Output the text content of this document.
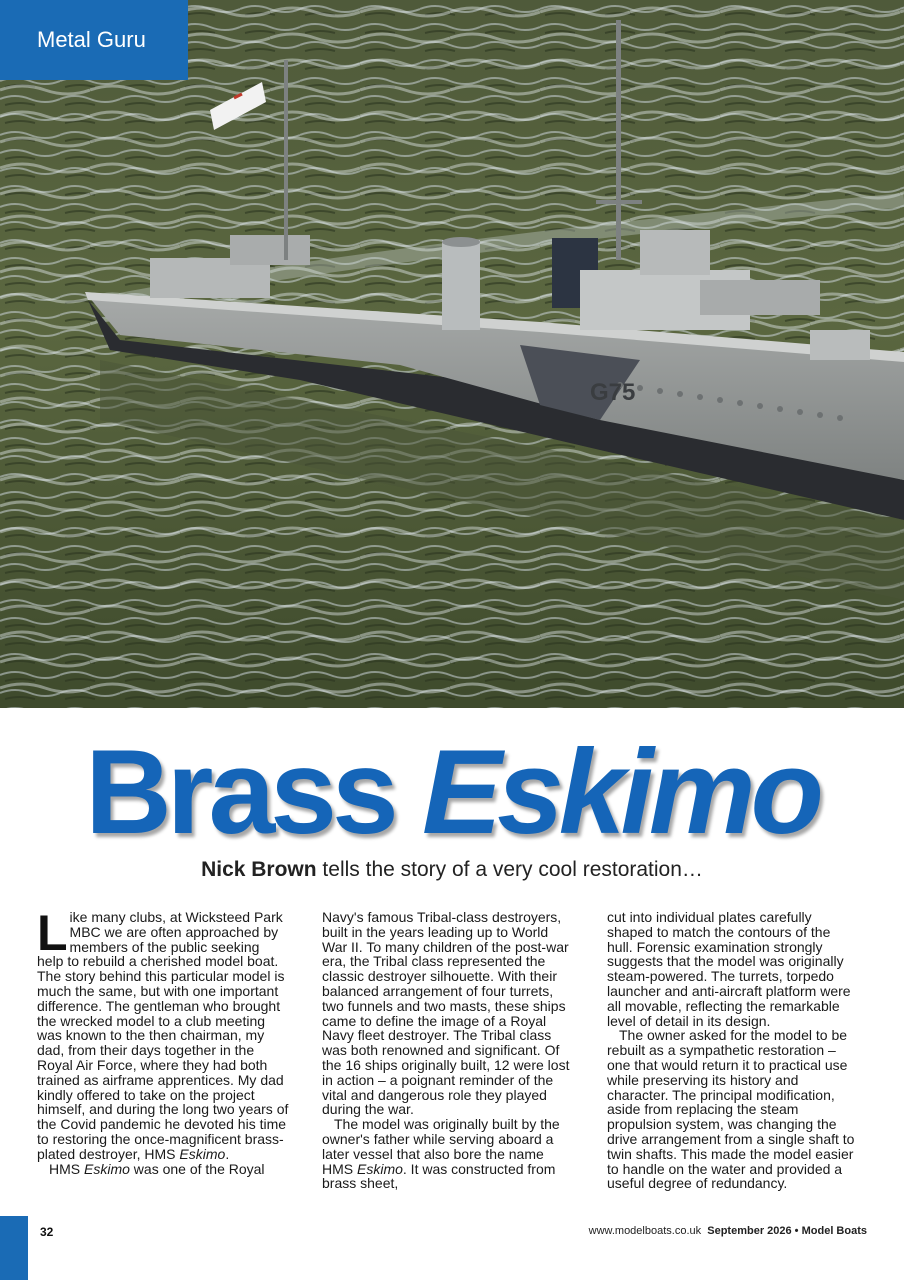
G75
Metal Guru
Brass Eskimo
Nick Brown tells the story of a very cool restoration…

Like many clubs, at Wicksteed Park MBC we are often approached by members of the public seeking help to rebuild a cherished model boat. The story behind this particular model is much the same, but with one important difference. The gentleman who brought the wrecked model to a club meeting was known to the then chairman, my dad, from their days together in the Royal Air Force, where they had both trained as airframe apprentices. My dad kindly offered to take on the project himself, and during the long two years of the Covid pandemic he devoted his time to restoring the once-magnificent brass-plated destroyer, HMS Eskimo.

HMS Eskimo was one of the Royal

Navy's famous Tribal-class destroyers, built in the years leading up to World War II. To many children of the post-war era, the Tribal class represented the classic destroyer silhouette. With their balanced arrangement of four turrets, two funnels and two masts, these ships came to define the image of a Royal Navy fleet destroyer. The Tribal class was both renowned and significant. Of the 16 ships originally built, 12 were lost in action – a poignant reminder of the vital and dangerous role they played during the war.

The model was originally built by the owner's father while serving aboard a later vessel that also bore the name HMS Eskimo. It was constructed from brass sheet,

cut into individual plates carefully shaped to match the contours of the hull. Forensic examination strongly suggests that the model was originally steam-powered. The turrets, torpedo launcher and anti-aircraft platform were all movable, reflecting the remarkable level of detail in its design.

The owner asked for the model to be rebuilt as a sympathetic restoration – one that would return it to practical use while preserving its history and character. The principal modification, aside from replacing the steam propulsion system, was changing the drive arrangement from a single shaft to twin shafts. This made the model easier to handle on the water and provided a useful degree of redundancy.

32	www.modelboats.co.uk September 2026 • Model Boats
